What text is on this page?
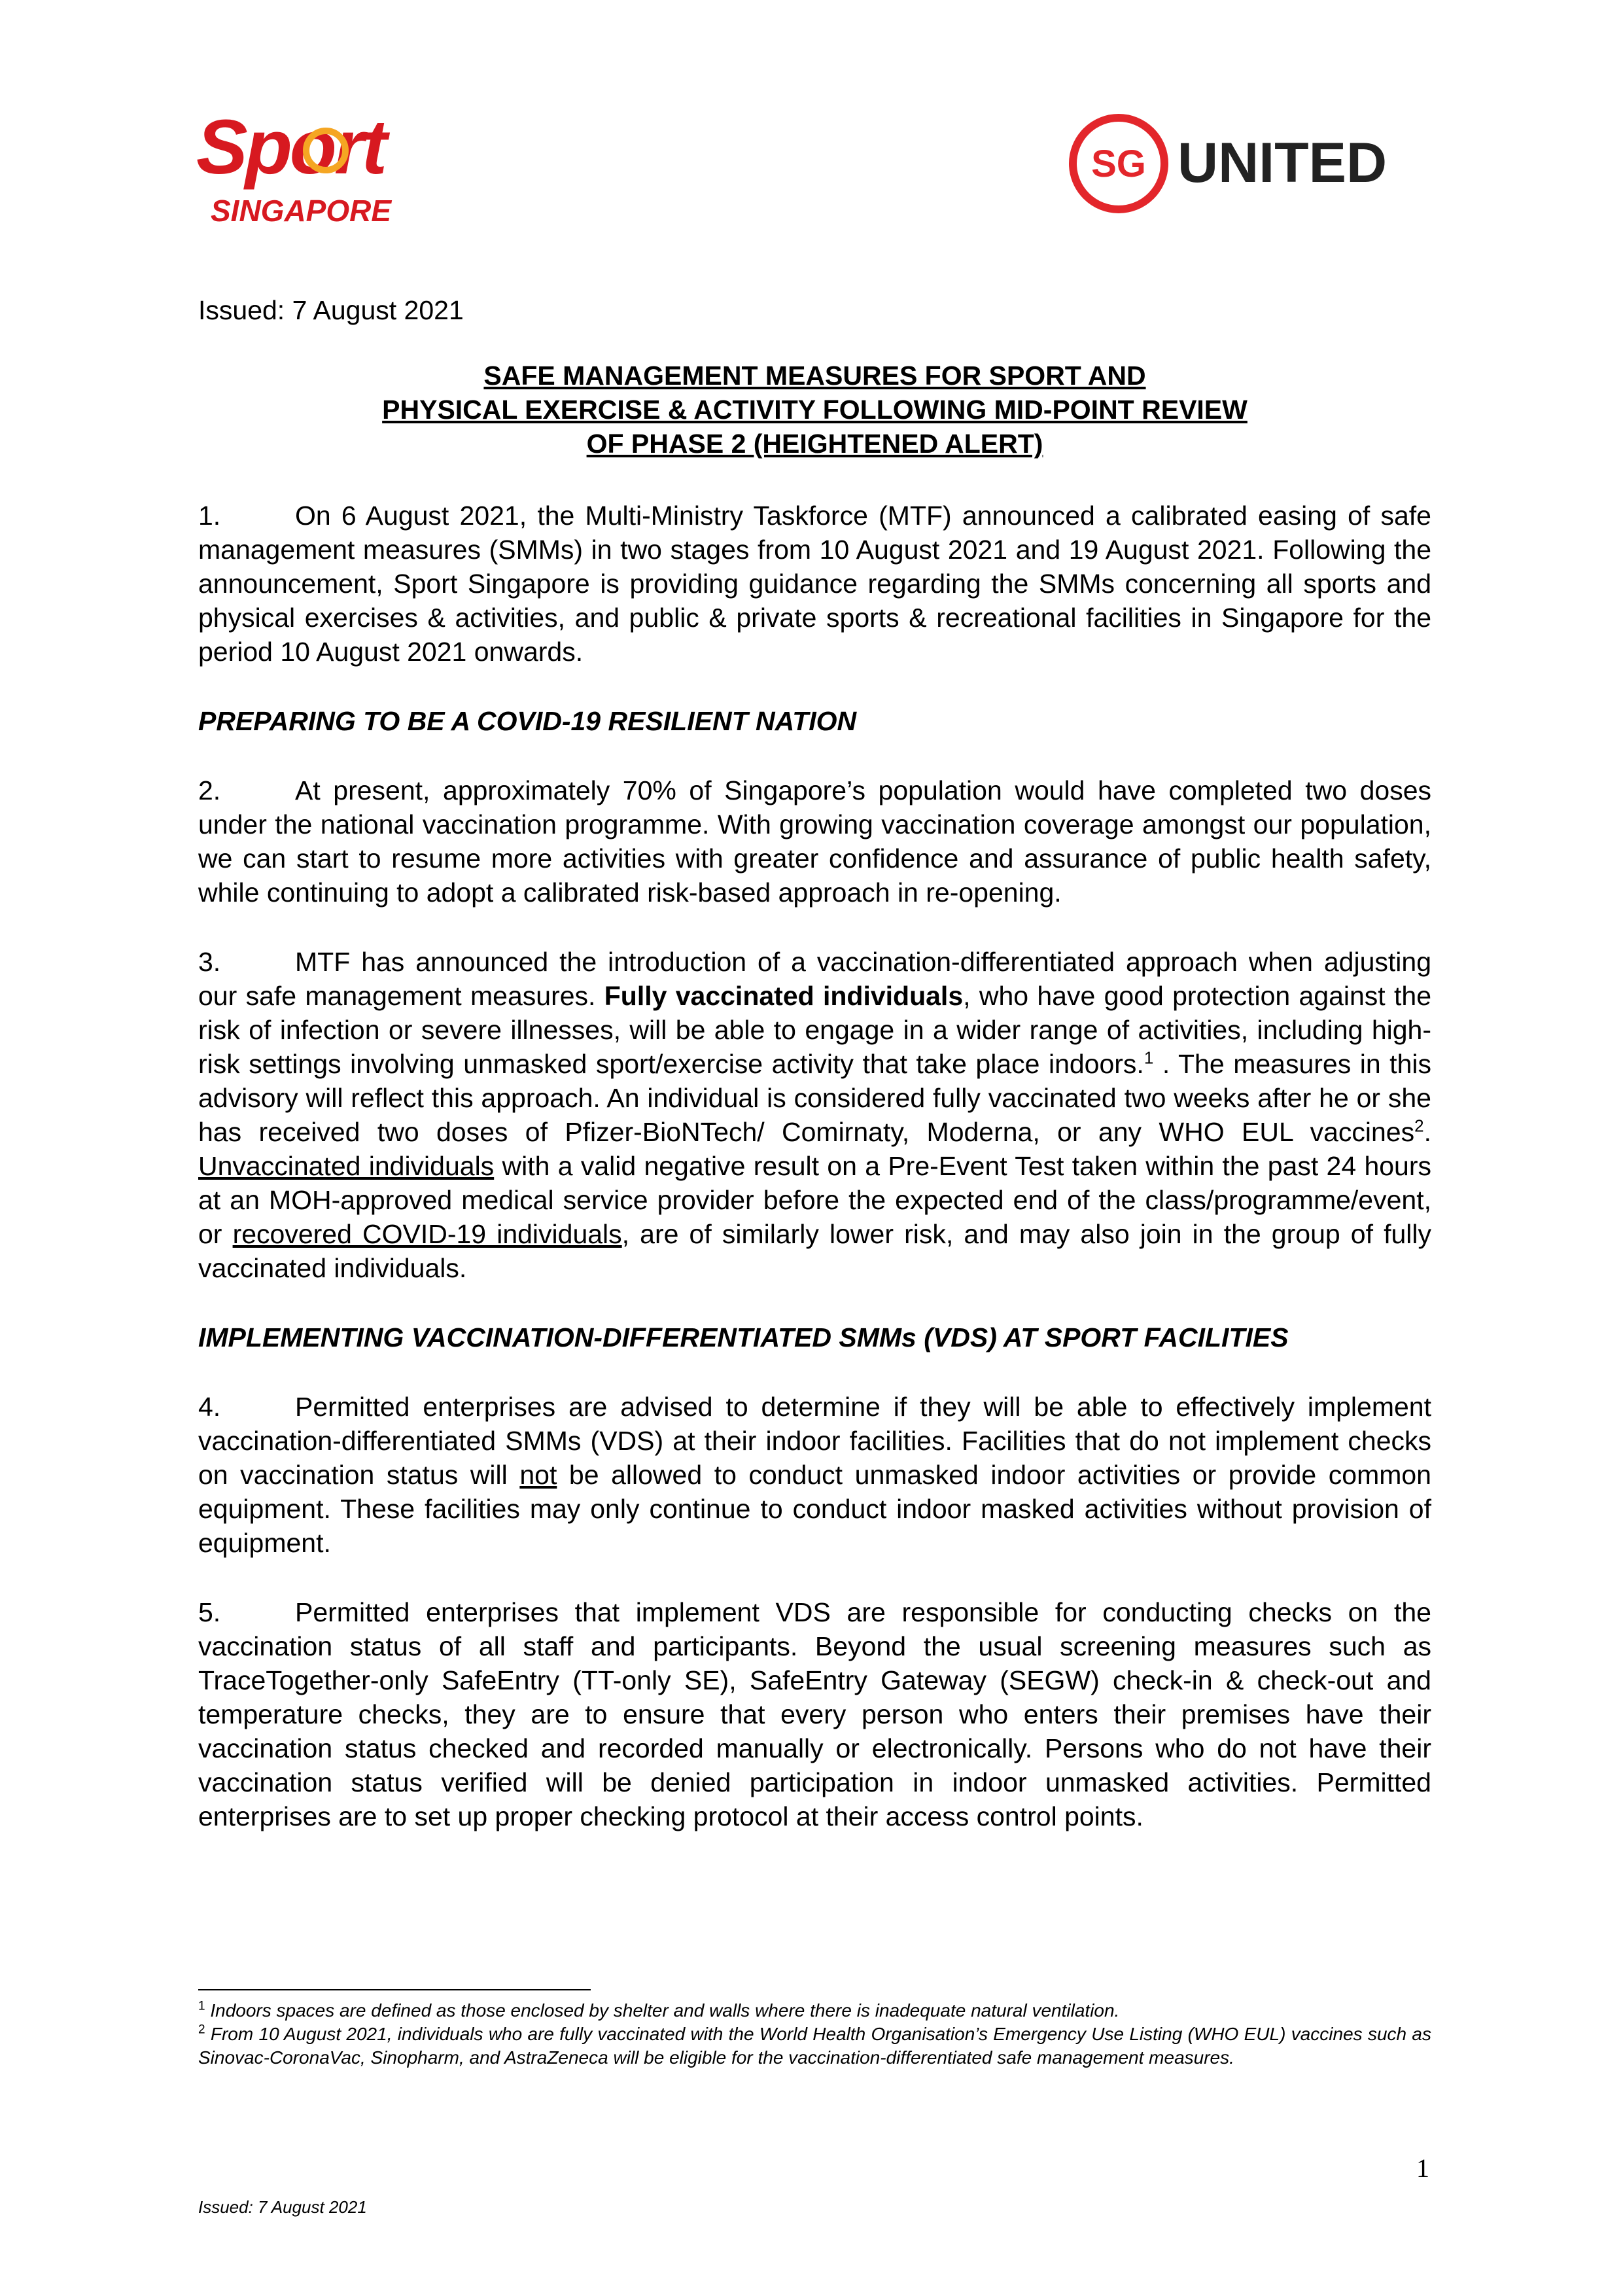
Sport
SINGAPORE
SG UNITED
Issued: 7 August 2021
SAFE MANAGEMENT MEASURES FOR SPORT AND
PHYSICAL EXERCISE & ACTIVITY FOLLOWING MID-POINT REVIEW
OF PHASE 2 (HEIGHTENED ALERT)

1.	On 6 August 2021, the Multi-Ministry Taskforce (MTF) announced a calibrated easing of safe management measures (SMMs) in two stages from 10 August 2021 and 19 August 2021. Following the announcement, Sport Singapore is providing guidance regarding the SMMs concerning all sports and physical exercises & activities, and public & private sports & recreational facilities in Singapore for the period 10 August 2021 onwards.

PREPARING TO BE A COVID-19 RESILIENT NATION

2.	At present, approximately 70% of Singapore’s population would have completed two doses under the national vaccination programme. With growing vaccination coverage amongst our population, we can start to resume more activities with greater confidence and assurance of public health safety, while continuing to adopt a calibrated risk-based approach in re-opening.

3.	MTF has announced the introduction of a vaccination-differentiated approach when adjusting our safe management measures. Fully vaccinated individuals, who have good protection against the risk of infection or severe illnesses, will be able to engage in a wider range of activities, including high-risk settings involving unmasked sport/exercise activity that take place indoors.$^1$ . The measures in this advisory will reflect this approach. An individual is considered fully vaccinated two weeks after he or she has received two doses of Pfizer-BioNTech/ Comirnaty, Moderna, or any WHO EUL vaccines$^2$. Unvaccinated individuals with a valid negative result on a Pre-Event Test taken within the past 24 hours at an MOH-approved medical service provider before the expected end of the class/programme/event, or recovered COVID-19 individuals, are of similarly lower risk, and may also join in the group of fully vaccinated individuals.

IMPLEMENTING VACCINATION-DIFFERENTIATED SMMs (VDS) AT SPORT FACILITIES

4.	Permitted enterprises are advised to determine if they will be able to effectively implement vaccination-differentiated SMMs (VDS) at their indoor facilities. Facilities that do not implement checks on vaccination status will not be allowed to conduct unmasked indoor activities or provide common equipment. These facilities may only continue to conduct indoor masked activities without provision of equipment.

5.	Permitted enterprises that implement VDS are responsible for conducting checks on the vaccination status of all staff and participants. Beyond the usual screening measures such as TraceTogether-only SafeEntry (TT-only SE), SafeEntry Gateway (SEGW) check-in & check-out and temperature checks, they are to ensure that every person who enters their premises have their vaccination status checked and recorded manually or electronically. Persons who do not have their vaccination status verified will be denied participation in indoor unmasked activities. Permitted enterprises are to set up proper checking protocol at their access control points.

$^1$ Indoors spaces are defined as those enclosed by shelter and walls where there is inadequate natural ventilation.

$^2$ From 10 August 2021, individuals who are fully vaccinated with the World Health Organisation’s Emergency Use Listing (WHO EUL) vaccines such as Sinovac-CoronaVac, Sinopharm, and AstraZeneca will be eligible for the vaccination-differentiated safe management measures.

1
Issued: 7 August 2021
